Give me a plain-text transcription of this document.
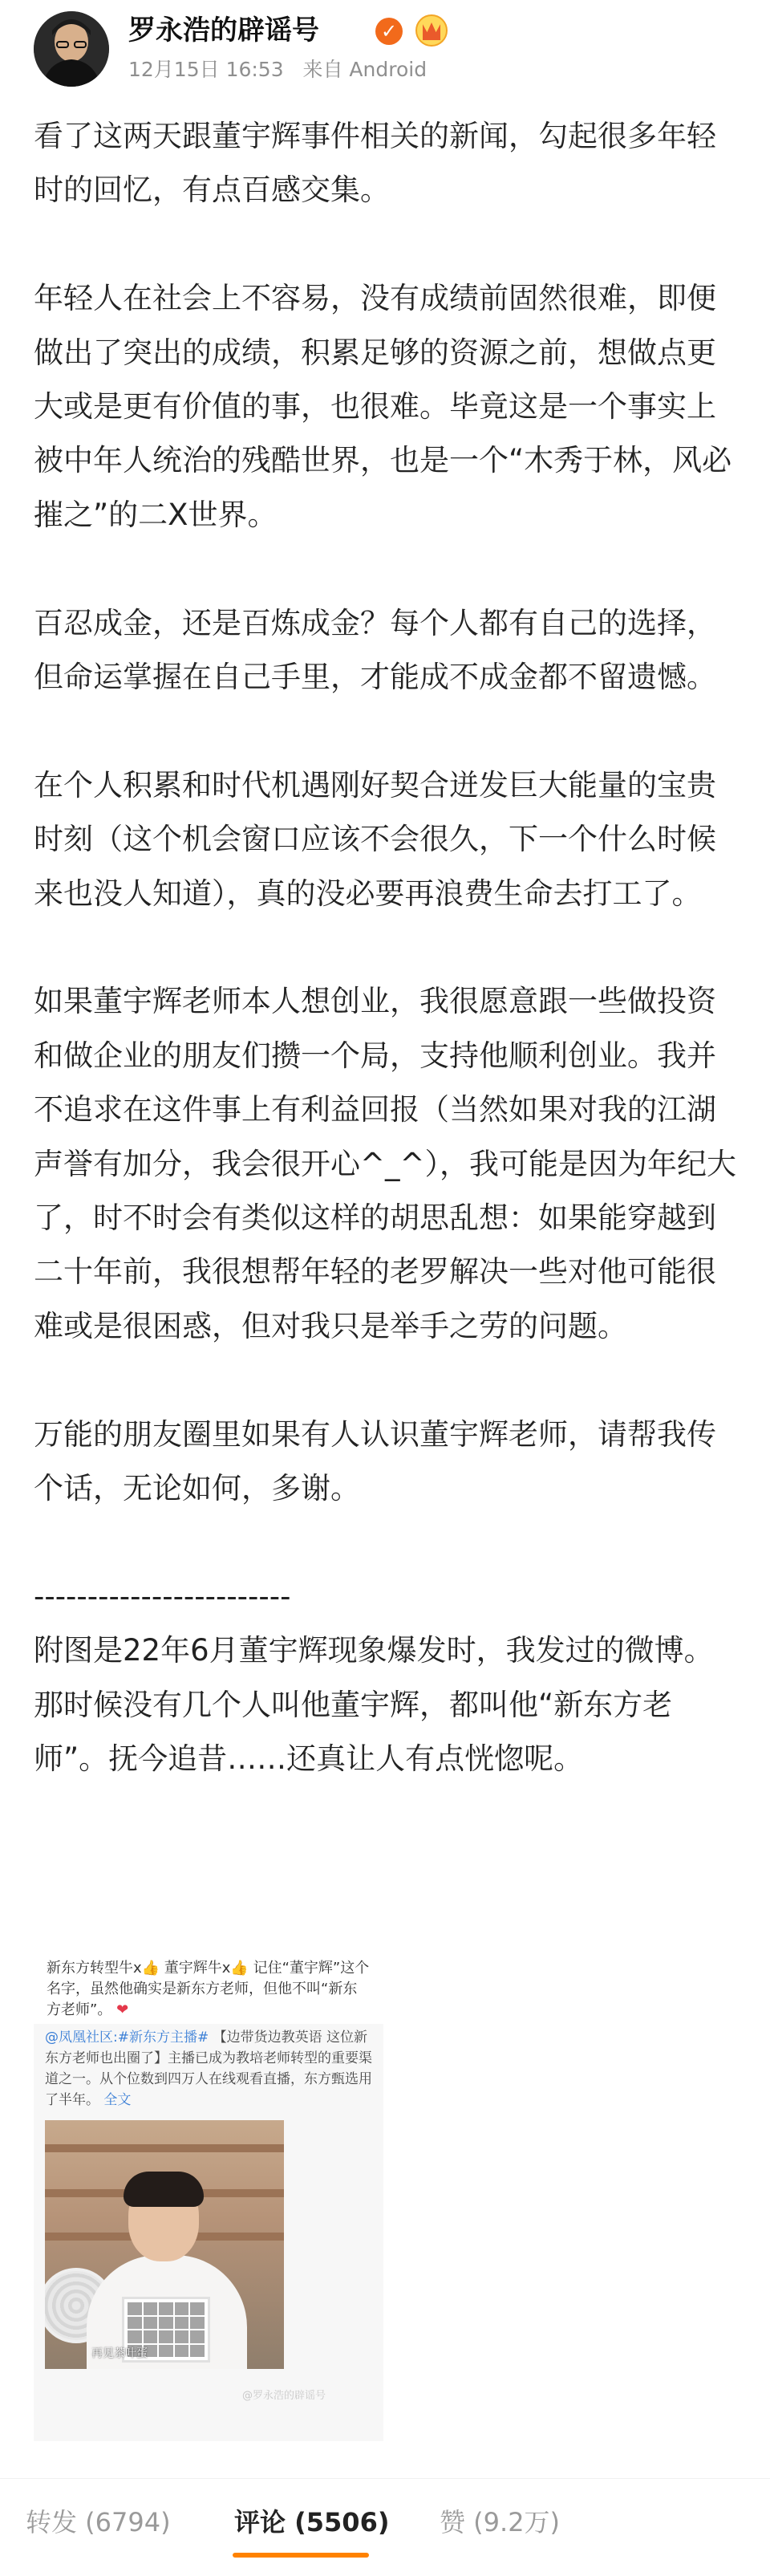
罗永浩的辟谣号	✓
12月15日 16:53 来自 Android

看了这两天跟董宇辉事件相关的新闻，勾起很多年轻时的回忆，有点百感交集。

年轻人在社会上不容易，没有成绩前固然很难，即便做出了突出的成绩，积累足够的资源之前，想做点更大或是更有价值的事，也很难。毕竟这是一个事实上被中年人统治的残酷世界，也是一个“木秀于林，风必摧之”的二X世界。

百忍成金，还是百炼成金？每个人都有自己的选择，但命运掌握在自己手里，才能成不成金都不留遗憾。

在个人积累和时代机遇刚好契合迸发巨大能量的宝贵时刻（这个机会窗口应该不会很久，下一个什么时候来也没人知道），真的没必要再浪费生命去打工了。

如果董宇辉老师本人想创业，我很愿意跟一些做投资和做企业的朋友们攒一个局，支持他顺利创业。我并不追求在这件事上有利益回报（当然如果对我的江湖声誉有加分，我会很开心^_^），我可能是因为年纪大了，时不时会有类似这样的胡思乱想：如果能穿越到二十年前，我很想帮年轻的老罗解决一些对他可能很难或是很困惑，但对我只是举手之劳的问题。

万能的朋友圈里如果有人认识董宇辉老师，请帮我传个话，无论如何，多谢。

------------------------

附图是22年6月董宇辉现象爆发时，我发过的微博。那时候没有几个人叫他董宇辉，都叫他“新东方老师”。抚今追昔……还真让人有点恍惚呢。

新东方转型牛x👍 董宇辉牛x👍 记住“董宇辉”这个名字，虽然他确实是新东方老师，但他不叫“新东方老师”。 ❤
@凤凰社区:#新东方主播# 【边带货边教英语 这位新东方老师也出圈了】主播已成为教培老师转型的重要渠道之一。从个位数到四万人在线观看直播，东方甄选用了半年。 全文
再见茶叶蛋
@罗永浩的辟谣号
转发 (6794) 评论 (5506) 赞 (9.2万)
